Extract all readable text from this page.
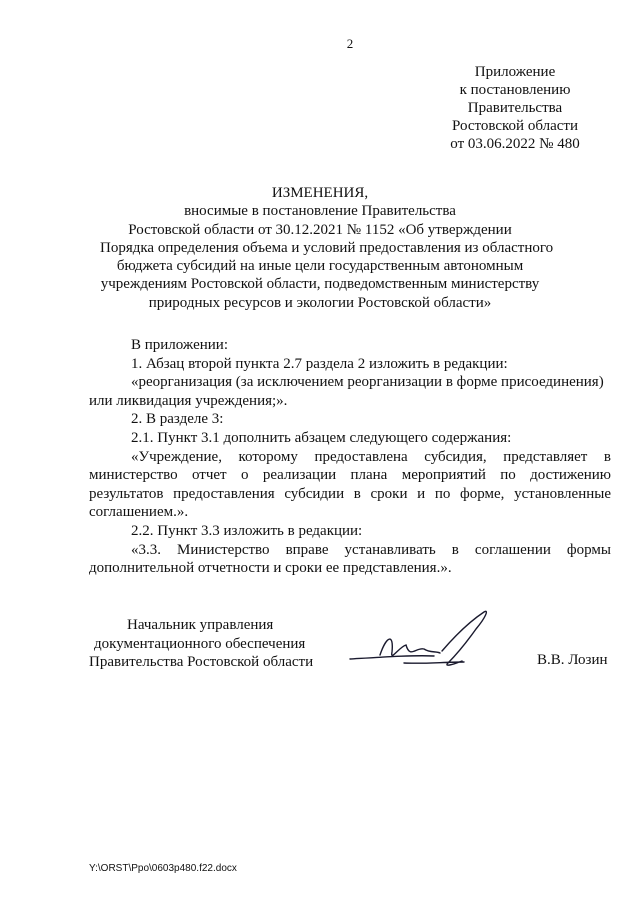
2
Приложение
к постановлению
Правительства
Ростовской области
от 03.06.2022 № 480
ИЗМЕНЕНИЯ,
вносимые в постановление Правительства
Ростовской области от 30.12.2021 № 1152 «Об утверждении
Порядка определения объема и условий предоставления из областного
бюджета субсидий на иные цели государственным автономным
учреждениям Ростовской области, подведомственным министерству
природных ресурсов и экологии Ростовской области»

В приложении:

1. Абзац второй пункта 2.7 раздела 2 изложить в редакции:

«реорганизация (за исключением реорганизации в форме присоединения)

или ликвидация учреждения;».

2. В разделе 3:

2.1. Пункт 3.1 дополнить абзацем следующего содержания:

«Учреждение, которому предоставлена субсидия, представляет в министерство отчет о реализации плана мероприятий по достижению результатов предоставления субсидии в сроки и по форме, установленные соглашением.».

2.2. Пункт 3.3 изложить в редакции:

«3.3. Министерство вправе устанавливать в соглашении формы дополнительной отчетности и сроки ее представления.».

Начальник управления
документационного обеспечения
Правительства Ростовской области	В.В. Лозин
Y:\ORST\Ppo\0603p480.f22.docx
